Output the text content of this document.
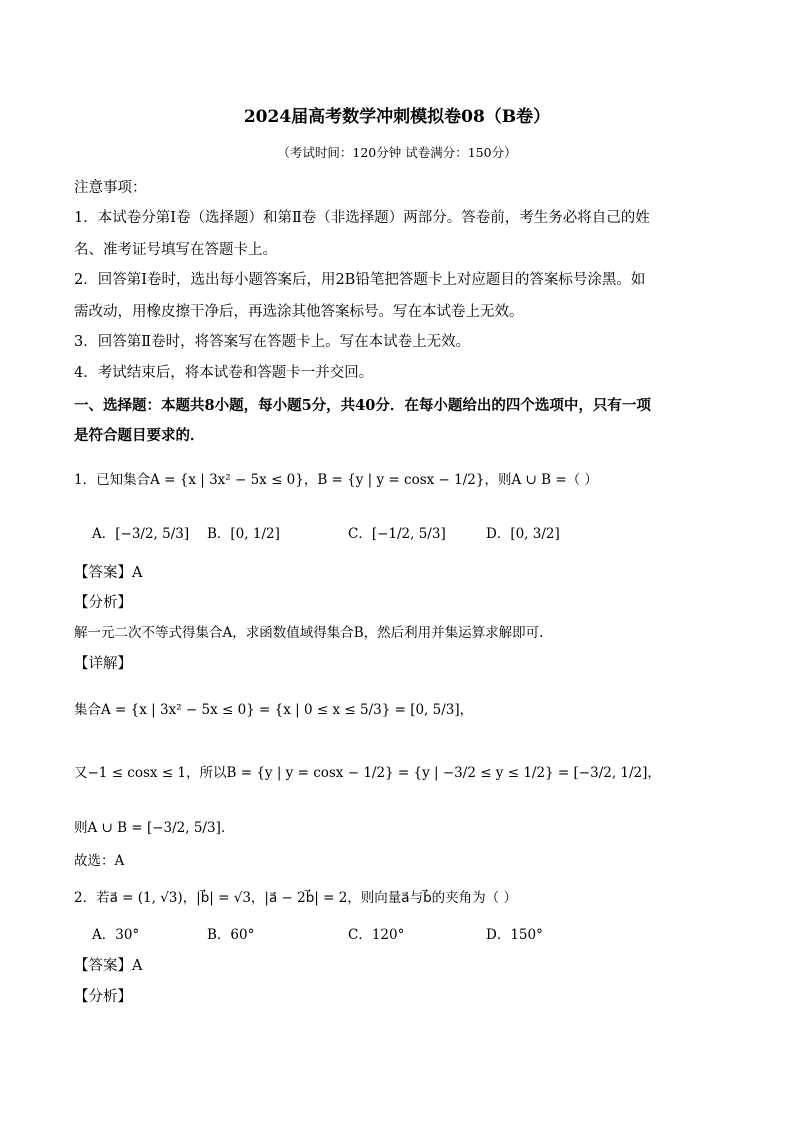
2024届高考数学冲刺模拟卷08（B卷）
（考试时间：120分钟 试卷满分：150分）
注意事项：
1．本试卷分第Ⅰ卷（选择题）和第Ⅱ卷（非选择题）两部分。答卷前，考生务必将自己的姓
名、准考证号填写在答题卡上。
2．回答第Ⅰ卷时，选出每小题答案后，用2B铅笔把答题卡上对应题目的答案标号涂黑。如
需改动，用橡皮擦干净后，再选涂其他答案标号。写在本试卷上无效。
3．回答第Ⅱ卷时，将答案写在答题卡上。写在本试卷上无效。
4．考试结束后，将本试卷和答题卡一并交回。
一、选择题：本题共8小题，每小题5分，共40分．在每小题给出的四个选项中，只有一项
是符合题目要求的．
1．已知集合A = {x | 3x² − 5x ≤ 0}，B = {y | y = cosx − 1/2}，则A ∪ B =（ ）
A．[−3/2, 5/3] B．[0, 1/2]	C．[−1/2, 5/3]	D．[0, 3/2]
【答案】A
【分析】
解一元二次不等式得集合A，求函数值域得集合B，然后利用并集运算求解即可.
【详解】
集合A = {x | 3x² − 5x ≤ 0} = {x | 0 ≤ x ≤ 5/3} = [0, 5/3]，
又−1 ≤ cosx ≤ 1，所以B = {y | y = cosx − 1/2} = {y | −3/2 ≤ y ≤ 1/2} = [−3/2, 1/2]，
则A ∪ B = [−3/2, 5/3].
故选：A
2．若a⃗ = (1, √3)，|b⃗| = √3，|a⃗ − 2b⃗| = 2，则向量a⃗与b⃗的夹角为（ ）
A．30°	B．60°	C．120°	D．150°
【答案】A
【分析】
